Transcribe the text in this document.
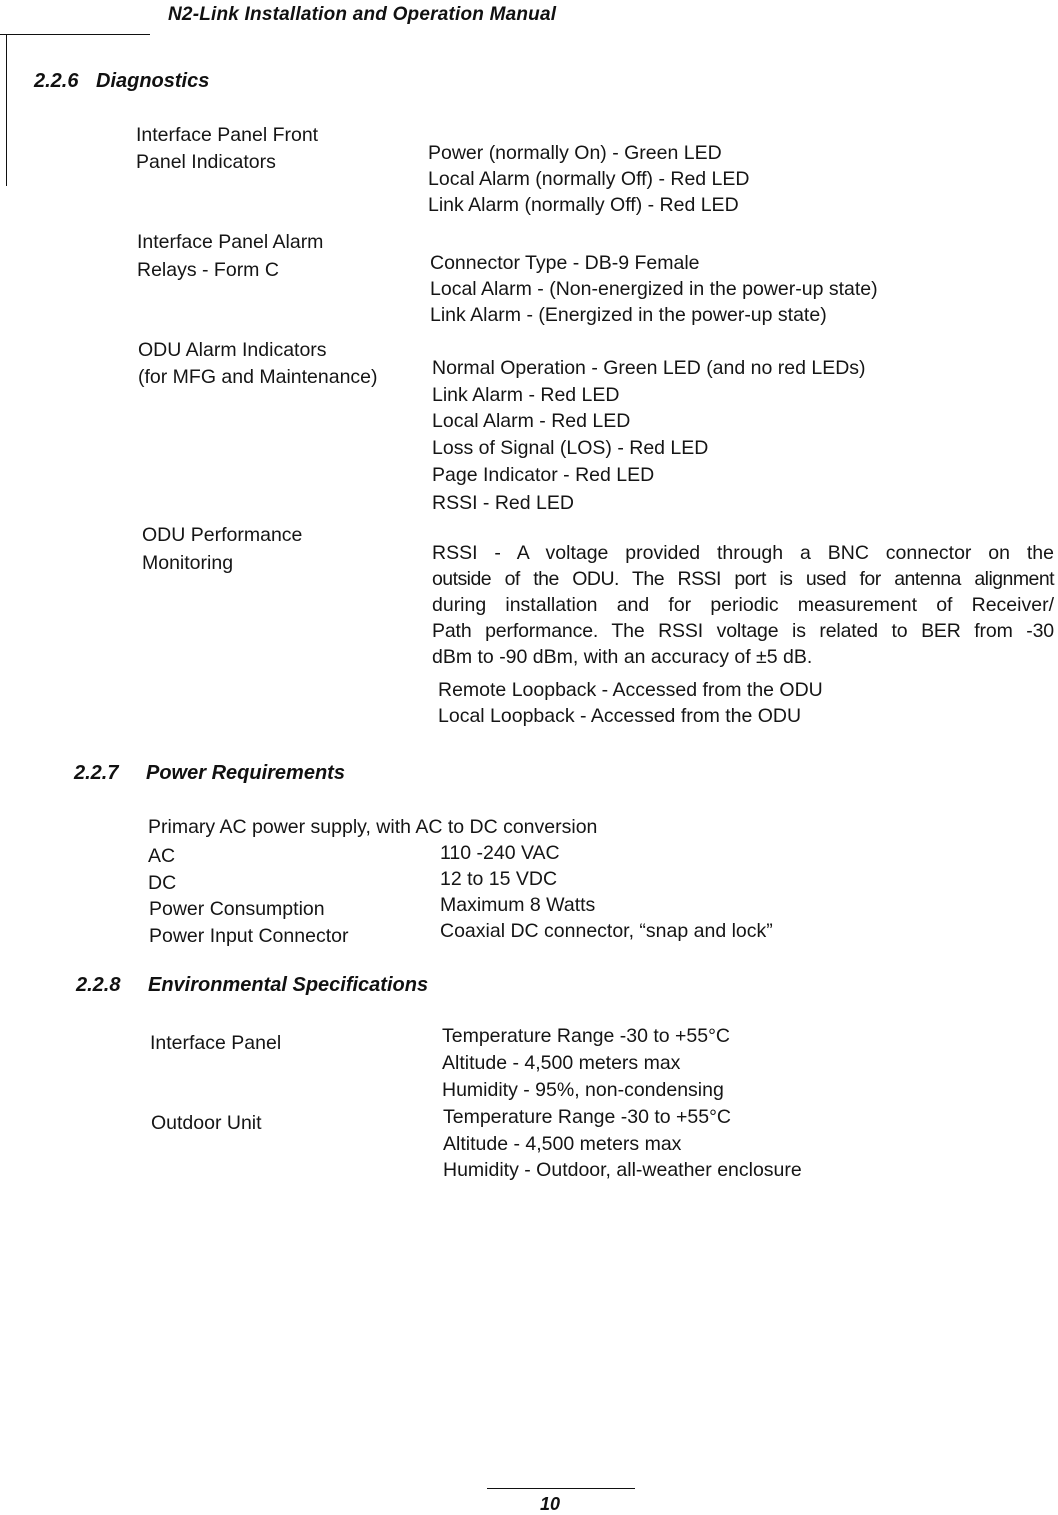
N2-Link Installation and Operation Manual
2.2.6 Diagnostics
Interface Panel Front
Panel Indicators	Power (normally On) - Green LED
Local Alarm (normally Off) - Red LED
Link Alarm (normally Off) - Red LED
Interface Panel Alarm
Relays - Form C	Connector Type - DB-9 Female
Local Alarm - (Non-energized in the power-up state)
Link Alarm - (Energized in the power-up state)
ODU Alarm Indicators
(for MFG and Maintenance)	Normal Operation - Green LED (and no red LEDs)
Link Alarm - Red LED
Local Alarm - Red LED
Loss of Signal (LOS) - Red LED
Page Indicator - Red LED
RSSI - Red LED
ODU Performance
Monitoring	RSSI - A voltage provided through a BNC connector on the
outside of the ODU. The RSSI port is used for antenna alignment
during installation and for periodic measurement of Receiver/
Path performance. The RSSI voltage is related to BER from -30
dBm to -90 dBm, with an accuracy of ±5 dB.
Remote Loopback - Accessed from the ODU
Local Loopback - Accessed from the ODU
2.2.7 Power Requirements
Primary AC power supply, with AC to DC conversion
AC	110 -240 VAC
DC	12 to 15 VDC
Power Consumption	Maximum 8 Watts
Power Input Connector	Coaxial DC connector, “snap and lock”
2.2.8 Environmental Specifications
Interface Panel	Temperature Range -30 to +55°C
Altitude - 4,500 meters max
Humidity - 95%, non-condensing
Outdoor Unit	Temperature Range -30 to +55°C
Altitude - 4,500 meters max
Humidity - Outdoor, all-weather enclosure
10
